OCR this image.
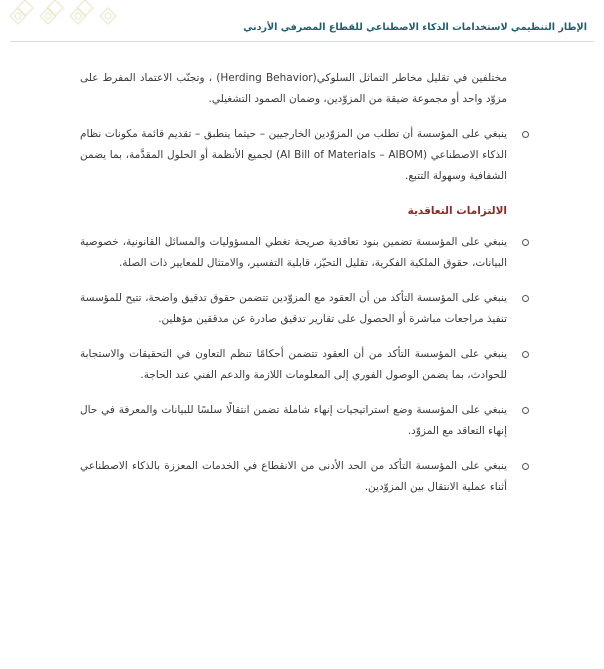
الإطار التنظيمي لاستخدامات الذكاء الاصطناعي للقطاع المصرفي الأردني

مختلفين في تقليل مخاطر التماثل السلوكي(Herding Behavior) ، وتجنّب الاعتماد المفرط على مزوّد واحد أو مجموعة ضيقة من المزوّدين، وضمان الصمود التشغيلي.

ينبغي على المؤسسة أن تطلب من المزوّدين الخارجيين – حيثما ينطبق – تقديم قائمة مكونات نظام الذكاء الاصطناعي (AI Bill of Materials – AIBOM) لجميع الأنظمة أو الحلول المقدَّمة، بما يضمن الشفافية وسهولة التتبع.

الالتزامات التعاقدية

ينبغي على المؤسسة تضمين بنود تعاقدية صريحة تغطي المسؤوليات والمسائل القانونية، خصوصية البيانات، حقوق الملكية الفكرية، تقليل التحيّز، قابلية التفسير، والامتثال للمعايير ذات الصلة.

ينبغي على المؤسسة التأكد من أن العقود مع المزوّدين تتضمن حقوق تدقيق واضحة، تتيح للمؤسسة تنفيذ مراجعات مباشرة أو الحصول على تقارير تدقيق صادرة عن مدققين مؤهلين.

ينبغي على المؤسسة التأكد من أن العقود تتضمن أحكامًا تنظم التعاون في التحقيقات والاستجابة للحوادث، بما يضمن الوصول الفوري إلى المعلومات اللازمة والدعم الفني عند الحاجة.

ينبغي على المؤسسة وضع استراتيجيات إنهاء شاملة تضمن انتقالًا سلسًا للبيانات والمعرفة في حال إنهاء التعاقد مع المزوّد.

ينبغي على المؤسسة التأكد من الحد الأدنى من الانقطاع في الخدمات المعززة بالذكاء الاصطناعي أثناء عملية الانتقال بين المزوّدين.
